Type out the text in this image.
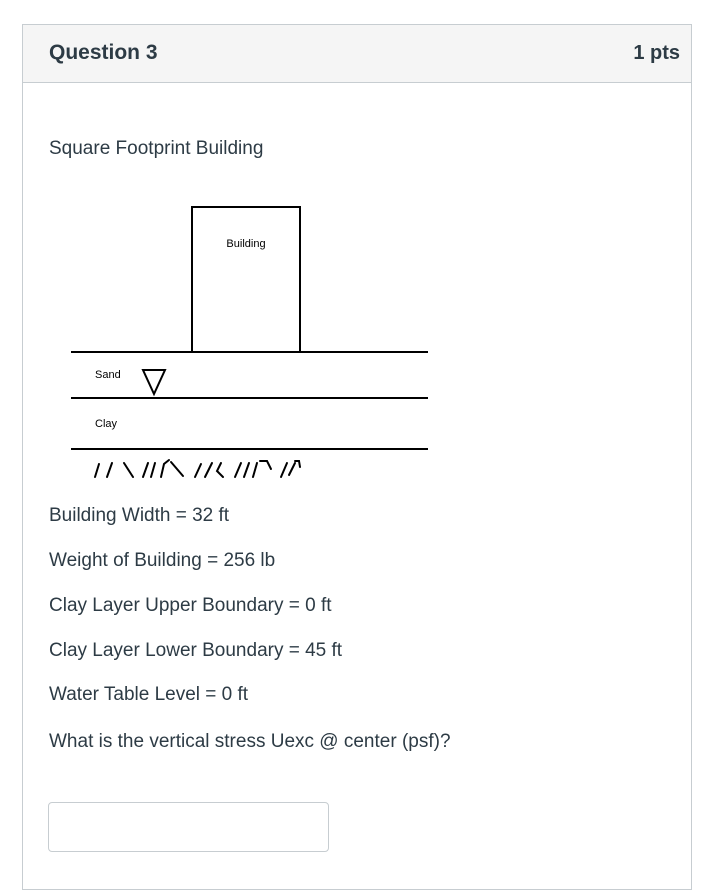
Question 3	1 pts
Square Footprint Building
Building
Sand
Clay
Building Width = 32 ft
Weight of Building = 256 lb
Clay Layer Upper Boundary = 0 ft
Clay Layer Lower Boundary = 45 ft
Water Table Level = 0 ft
What is the vertical stress Uexc @ center (psf)?
